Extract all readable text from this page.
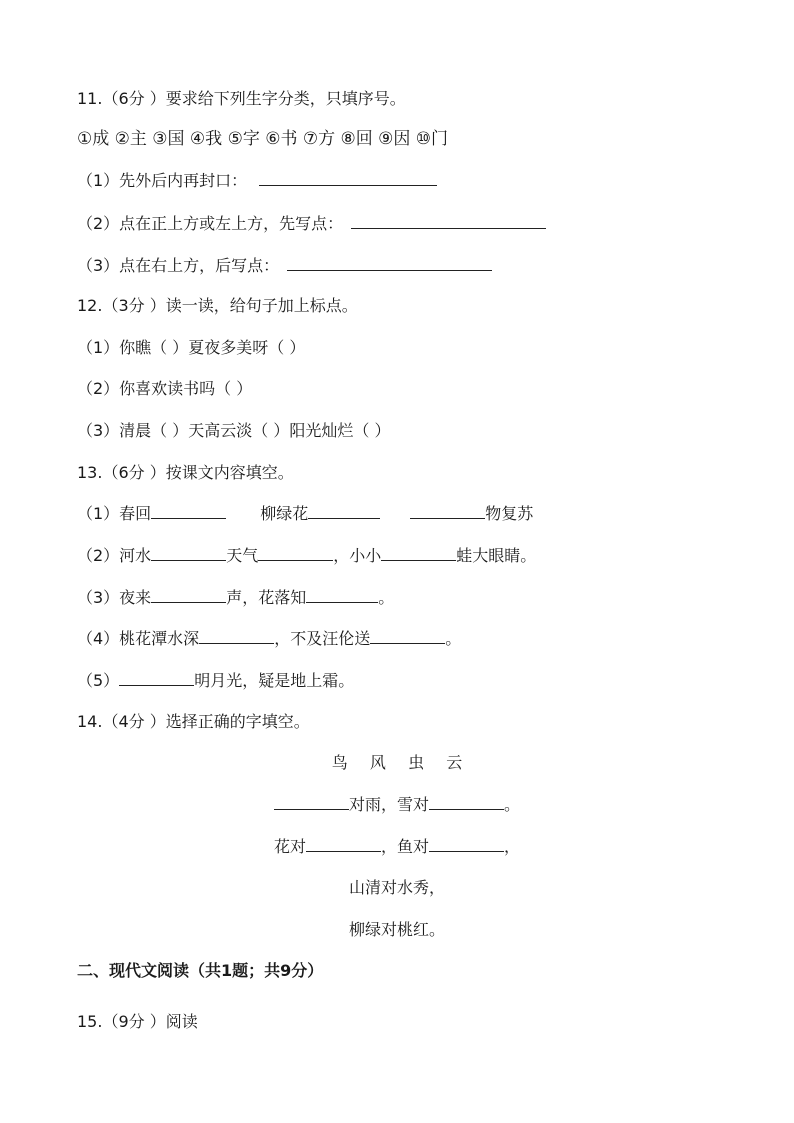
11.（6分 ）要求给下列生字分类，只填序号。
①成 ②主 ③国 ④我 ⑤字 ⑥书 ⑦方 ⑧回 ⑨因 ⑩门
（1）先外后内再封口：
（2）点在正上方或左上方，先写点：
（3）点在右上方，后写点：
12.（3分 ）读一读，给句子加上标点。
（1）你瞧（ ）夏夜多美呀（ ）
（2）你喜欢读书吗（ ）
（3）清晨（ ）天高云淡（ ）阳光灿烂（ ）
13.（6分 ）按课文内容填空。
（1）春回	柳绿花	物复苏
（2）河水	天气	，小小	蛙大眼睛。
（3）夜来	声，花落知	。
（4）桃花潭水深	，不及汪伦送	。
（5）	明月光，疑是地上霜。
14.（4分 ）选择正确的字填空。
鸟  风  虫  云
对雨，雪对	。
花对	，鱼对	，
山清对水秀，
柳绿对桃红。
二、现代文阅读（共1题；共9分）
15.（9分 ）阅读
